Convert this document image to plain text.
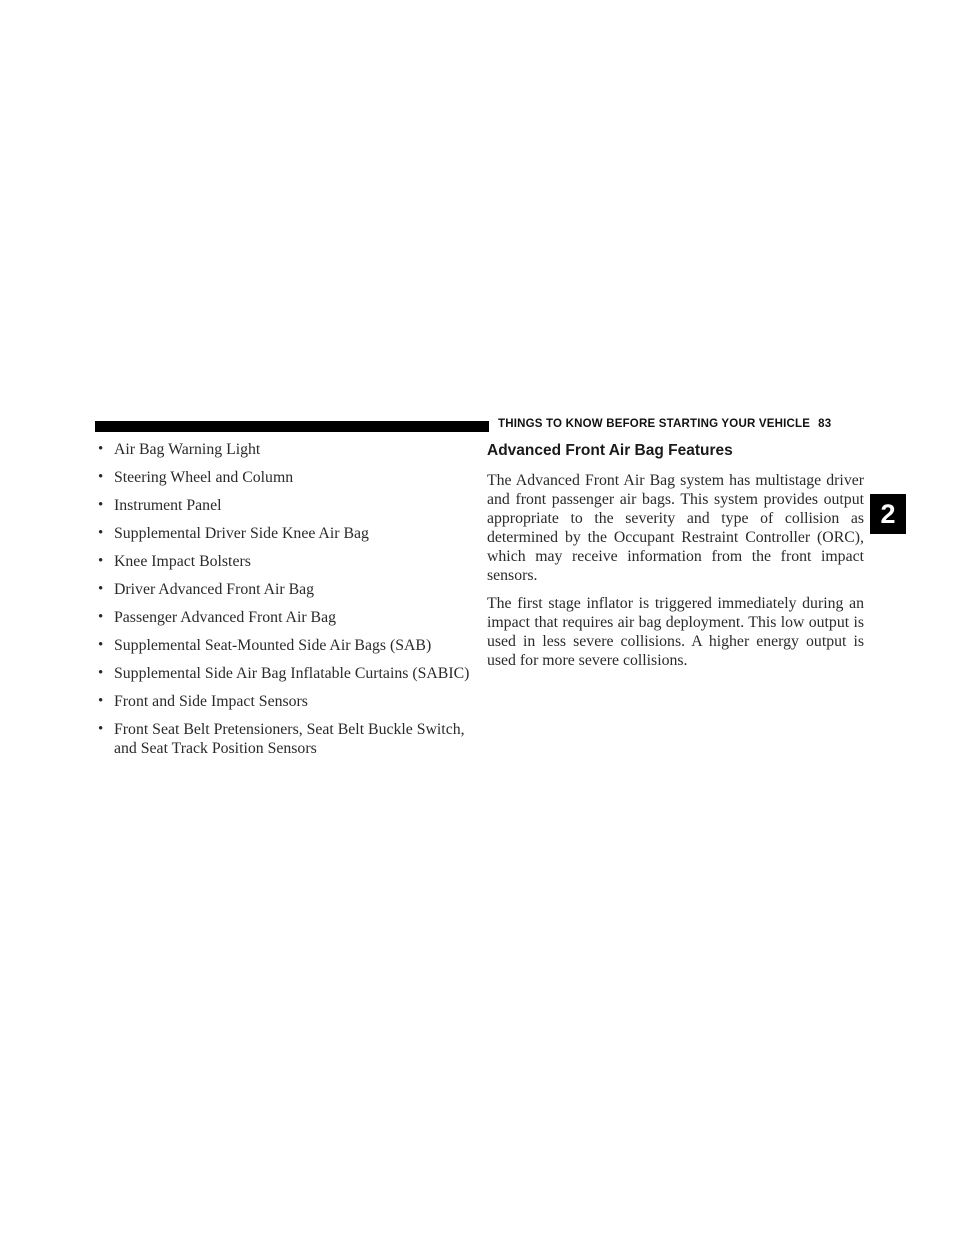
THINGS TO KNOW BEFORE STARTING YOUR VEHICLE 83
2
• Air Bag Warning Light
• Steering Wheel and Column
• Instrument Panel
• Supplemental Driver Side Knee Air Bag
• Knee Impact Bolsters
• Driver Advanced Front Air Bag
• Passenger Advanced Front Air Bag
• Supplemental Seat-Mounted Side Air Bags (SAB)
• Supplemental Side Air Bag Inflatable Curtains (SABIC)
• Front and Side Impact Sensors
• Front Seat Belt Pretensioners, Seat Belt Buckle Switch, and Seat Track Position Sensors
Advanced Front Air Bag Features

The Advanced Front Air Bag system has multistage driver and front passenger air bags. This system provides output appropriate to the severity and type of collision as determined by the Occupant Restraint Controller (ORC), which may receive information from the front impact sensors.

The first stage inflator is triggered immediately during an impact that requires air bag deployment. This low output is used in less severe collisions. A higher energy output is used for more severe collisions.
